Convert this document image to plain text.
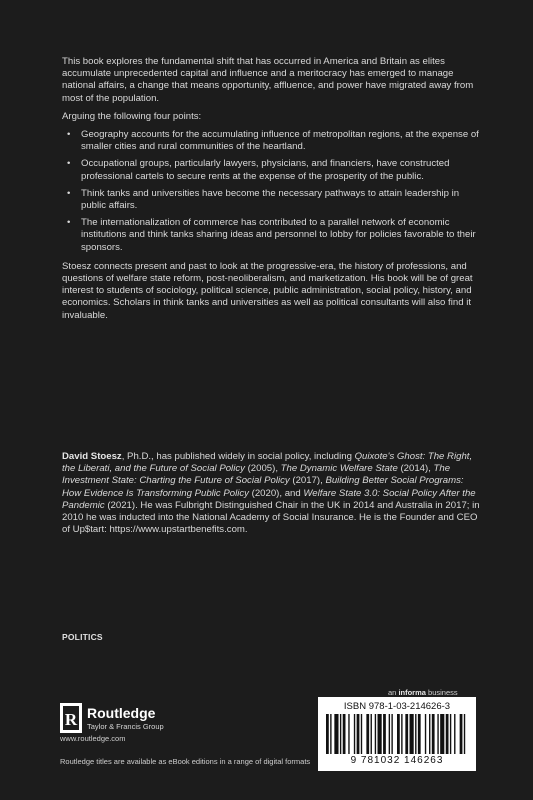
This book explores the fundamental shift that has occurred in America and Britain as elites accumulate unprecedented capital and influence and a meritocracy has emerged to manage national affairs, a change that means opportunity, affluence, and power have migrated away from most of the population.

Arguing the following four points:

• Geography accounts for the accumulating influence of metropolitan regions, at the expense of smaller cities and rural communities of the heartland.
• Occupational groups, particularly lawyers, physicians, and financiers, have constructed professional cartels to secure rents at the expense of the prosperity of the public.
• Think tanks and universities have become the necessary pathways to attain leadership in public affairs.
• The internationalization of commerce has contributed to a parallel network of economic institutions and think tanks sharing ideas and personnel to lobby for policies favorable to their sponsors.

Stoesz connects present and past to look at the progressive-era, the history of professions, and questions of welfare state reform, post-neoliberalism, and marketization. His book will be of great interest to students of sociology, political science, public administration, social policy, history, and economics. Scholars in think tanks and universities as well as political consultants will also find it invaluable.

David Stoesz, Ph.D., has published widely in social policy, including Quixote's Ghost: The Right, the Liberati, and the Future of Social Policy (2005), The Dynamic Welfare State (2014), The Investment State: Charting the Future of Social Policy (2017), Building Better Social Programs: How Evidence Is Transforming Public Policy (2020), and Welfare State 3.0: Social Policy After the Pandemic (2021). He was Fulbright Distinguished Chair in the UK in 2014 and Australia in 2017; in 2010 he was inducted into the National Academy of Social Insurance. He is the Founder and CEO of Up$tart: https://www.upstartbenefits.com.
POLITICS
an informa business
R Routledge
Taylor & Francis Group
www.routledge.com
Routledge titles are available as eBook editions in a range of digital formats
ISBN 978-1-03-214626-3
9 781032 146263
